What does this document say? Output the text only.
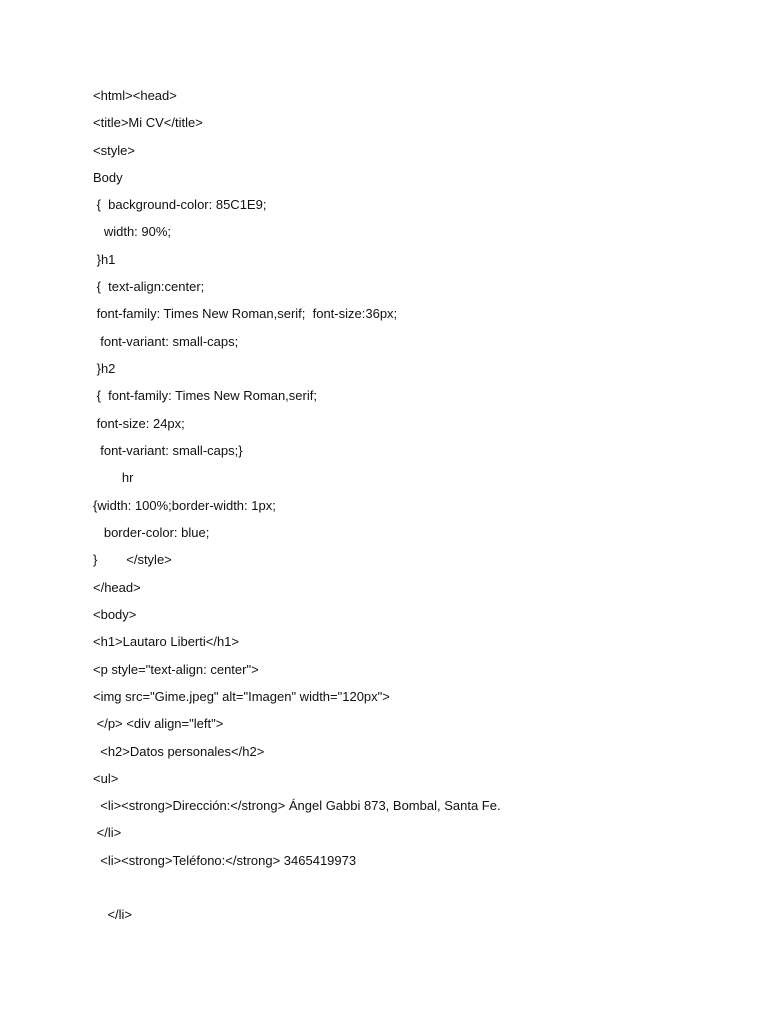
<html><head>
<title>Mi CV</title>
<style>
Body
{  background-color: 85C1E9;
width: 90%;
}h1
{  text-align:center;
font-family: Times New Roman,serif;  font-size:36px;
font-variant: small-caps;
}h2
{  font-family: Times New Roman,serif;
font-size: 24px;
font-variant: small-caps;}
hr
{width: 100%;border-width: 1px;
border-color: blue;
}        </style>
</head>
<body>
<h1>Lautaro Liberti</h1>
<p style="text-align: center">
<img src="Gime.jpeg" alt="Imagen" width="120px">
</p> <div align="left">
<h2>Datos personales</h2>
<ul>
<li><strong>Dirección:</strong> Ángel Gabbi 873, Bombal, Santa Fe.
</li>
<li><strong>Teléfono:</strong> 3465419973
</li>
